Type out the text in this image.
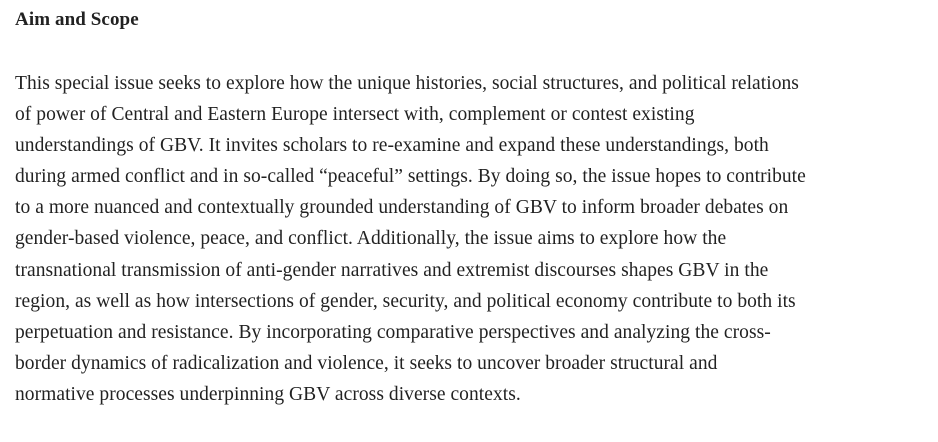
Aim and Scope

This special issue seeks to explore how the unique histories, social structures, and political relations
of power of Central and Eastern Europe intersect with, complement or contest existing
understandings of GBV. It invites scholars to re-examine and expand these understandings, both
during armed conflict and in so-called “peaceful” settings. By doing so, the issue hopes to contribute
to a more nuanced and contextually grounded understanding of GBV to inform broader debates on
gender-based violence, peace, and conflict. Additionally, the issue aims to explore how the
transnational transmission of anti-gender narratives and extremist discourses shapes GBV in the
region, as well as how intersections of gender, security, and political economy contribute to both its
perpetuation and resistance. By incorporating comparative perspectives and analyzing the cross-
border dynamics of radicalization and violence, it seeks to uncover broader structural and
normative processes underpinning GBV across diverse contexts.
